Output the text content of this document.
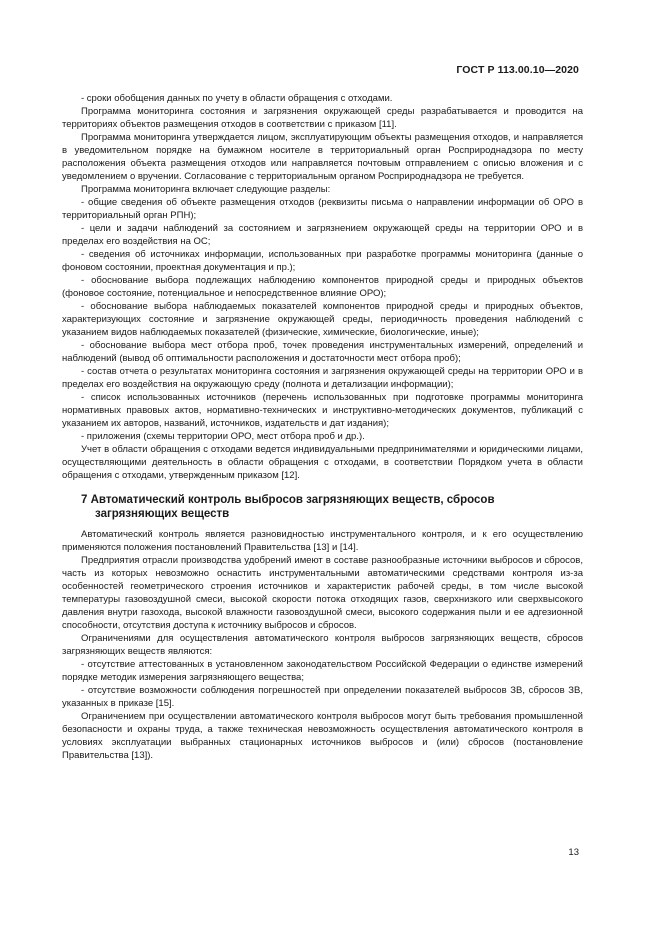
ГОСТ Р 113.00.10—2020

- сроки обобщения данных по учету в области обращения с отходами.

Программа мониторинга состояния и загрязнения окружающей среды разрабатывается и проводится на территориях объектов размещения отходов в соответствии с приказом [11].

Программа мониторинга утверждается лицом, эксплуатирующим объекты размещения отходов, и направляется в уведомительном порядке на бумажном носителе в территориальный орган Росприроднадзора по месту расположения объекта размещения отходов или направляется почтовым отправлением с описью вложения и с уведомлением о вручении. Согласование с территориальным органом Росприроднадзора не требуется.

Программа мониторинга включает следующие разделы:

- общие сведения об объекте размещения отходов (реквизиты письма о направлении информации об ОРО в территориальный орган РПН);

- цели и задачи наблюдений за состоянием и загрязнением окружающей среды на территории ОРО и в пределах его воздействия на ОС;

- сведения об источниках информации, использованных при разработке программы мониторинга (данные о фоновом состоянии, проектная документация и пр.);

- обоснование выбора подлежащих наблюдению компонентов природной среды и природных объектов (фоновое состояние, потенциальное и непосредственное влияние ОРО);

- обоснование выбора наблюдаемых показателей компонентов природной среды и природных объектов, характеризующих состояние и загрязнение окружающей среды, периодичность проведения наблюдений с указанием видов наблюдаемых показателей (физические, химические, биологические, иные);

- обоснование выбора мест отбора проб, точек проведения инструментальных измерений, определений и наблюдений (вывод об оптимальности расположения и достаточности мест отбора проб);

- состав отчета о результатах мониторинга состояния и загрязнения окружающей среды на территории ОРО и в пределах его воздействия на окружающую среду (полнота и детализации информации);

- список использованных источников (перечень использованных при подготовке программы мониторинга нормативных правовых актов, нормативно-технических и инструктивно-методических документов, публикаций с указанием их авторов, названий, источников, издательств и дат издания);

- приложения (схемы территории ОРО, мест отбора проб и др.).

Учет в области обращения с отходами ведется индивидуальными предпринимателями и юридическими лицами, осуществляющими деятельность в области обращения с отходами, в соответствии Порядком учета в области обращения с отходами, утвержденным приказом [12].

7 Автоматический контроль выбросов загрязняющих веществ, сбросов
загрязняющих веществ

Автоматический контроль является разновидностью инструментального контроля, и к его осуществлению применяются положения постановлений Правительства [13] и [14].

Предприятия отрасли производства удобрений имеют в составе разнообразные источники выбросов и сбросов, часть из которых невозможно оснастить инструментальными автоматическими средствами контроля из-за особенностей геометрического строения источников и характеристик рабочей среды, в том числе высокой температуры газовоздушной смеси, высокой скорости потока отходящих газов, сверхнизкого или сверхвысокого давления внутри газохода, высокой влажности газовоздушной смеси, высокого содержания пыли и ее адгезионной способности, отсутствия доступа к источнику выбросов и сбросов.

Ограничениями для осуществления автоматического контроля выбросов загрязняющих веществ, сбросов загрязняющих веществ являются:

- отсутствие аттестованных в установленном законодательством Российской Федерации о единстве измерений порядке методик измерения загрязняющего вещества;

- отсутствие возможности соблюдения погрешностей при определении показателей выбросов ЗВ, сбросов ЗВ, указанных в приказе [15].

Ограничением при осуществлении автоматического контроля выбросов могут быть требования промышленной безопасности и охраны труда, а также техническая невозможность осуществления автоматического контроля в условиях эксплуатации выбранных стационарных источников выбросов и (или) сбросов (постановление Правительства [13]).

13
